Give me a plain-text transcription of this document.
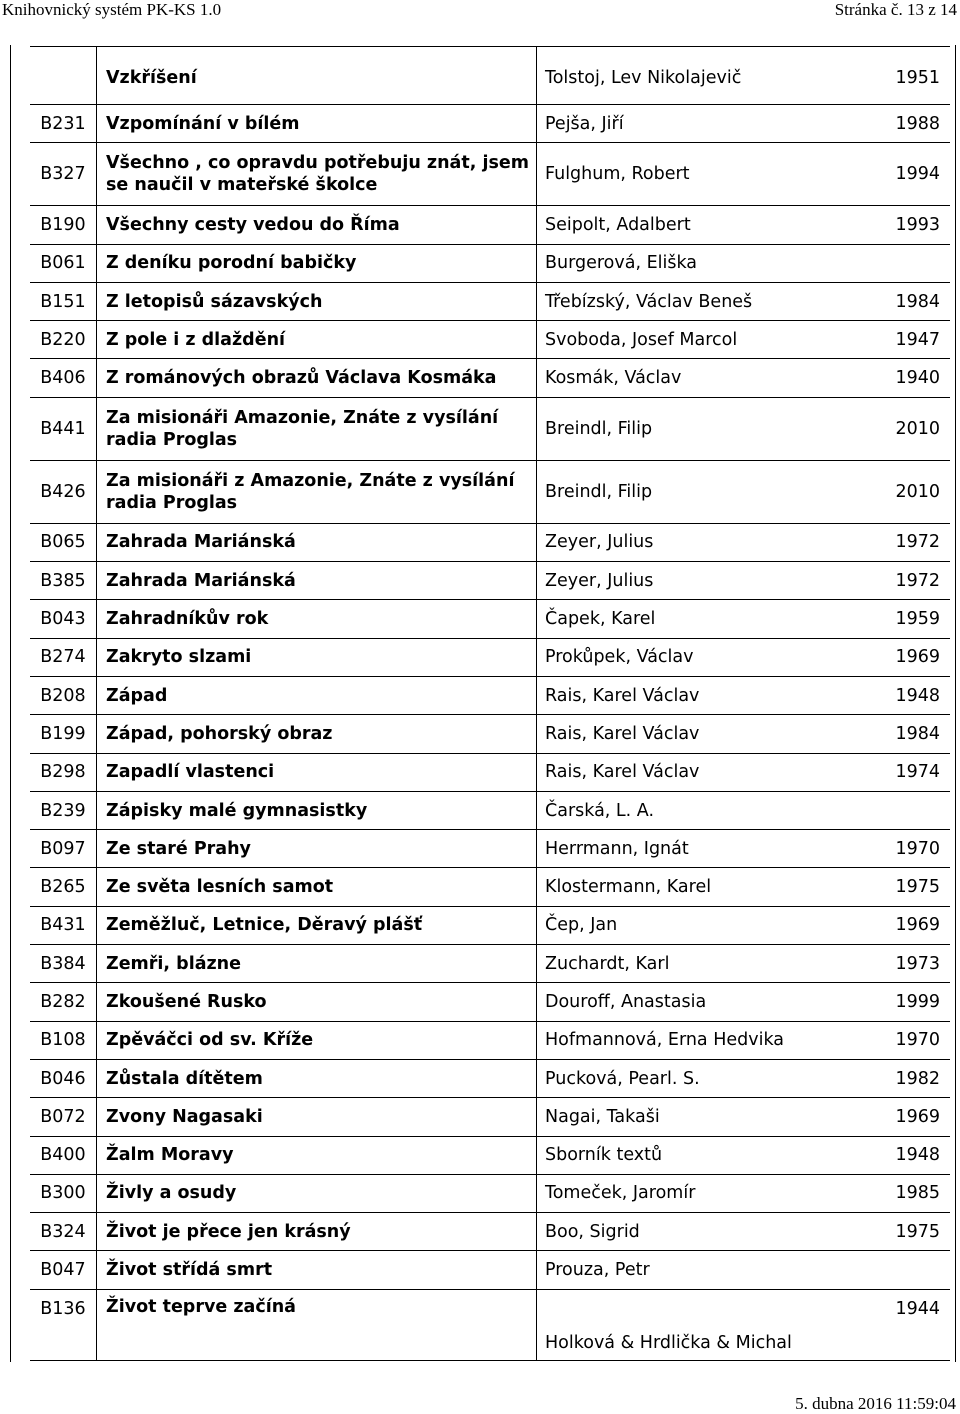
Knihovnický systém PK-KS 1.0	Stránka č. 13 z 14
	Vzkříšení	Tolstoj, Lev Nikolajevič	1951
B231	Vzpomínání v bílém	Pejša, Jiří	1988
B327	Všechno , co opravdu potřebuju znát, jsem se naučil v mateřské školce	Fulghum, Robert	1994
B190	Všechny cesty vedou do Říma	Seipolt, Adalbert	1993
B061	Z deníku porodní babičky	Burgerová, Eliška	
B151	Z letopisů sázavských	Třebízský, Václav Beneš	1984
B220	Z pole i z dlaždění	Svoboda, Josef Marcol	1947
B406	Z románových obrazů Václava Kosmáka	Kosmák, Václav	1940
B441	Za misionáři Amazonie, Znáte z vysílání radia Proglas	Breindl, Filip	2010
B426	Za misionáři z Amazonie, Znáte z vysílání radia Proglas	Breindl, Filip	2010
B065	Zahrada Mariánská	Zeyer, Julius	1972
B385	Zahrada Mariánská	Zeyer, Julius	1972
B043	Zahradníkův rok	Čapek, Karel	1959
B274	Zakryto slzami	Prokůpek, Václav	1969
B208	Západ	Rais, Karel Václav	1948
B199	Západ, pohorský obraz	Rais, Karel Václav	1984
B298	Zapadlí vlastenci	Rais, Karel Václav	1974
B239	Zápisky malé gymnasistky	Čarská, L. A.	
B097	Ze staré Prahy	Herrmann, Ignát	1970
B265	Ze světa lesních samot	Klostermann, Karel	1975
B431	Zeměžluč, Letnice, Děravý plášť	Čep, Jan	1969
B384	Zemři, blázne	Zuchardt, Karl	1973
B282	Zkoušené Rusko	Douroff, Anastasia	1999
B108	Zpěváčci od sv. Kříže	Hofmannová, Erna Hedvika	1970
B046	Zůstala dítětem	Pucková, Pearl. S.	1982
B072	Zvony Nagasaki	Nagai, Takaši	1969
B400	Žalm Moravy	Sborník textů	1948
B300	Živly a osudy	Tomeček, Jaromír	1985
B324	Život je přece jen krásný	Boo, Sigrid	1975
B047	Život střídá smrt	Prouza, Petr	
B136	Život teprve začíná	Holková & Hrdlička & Michal	1944
5. dubna 2016 11:59:04
